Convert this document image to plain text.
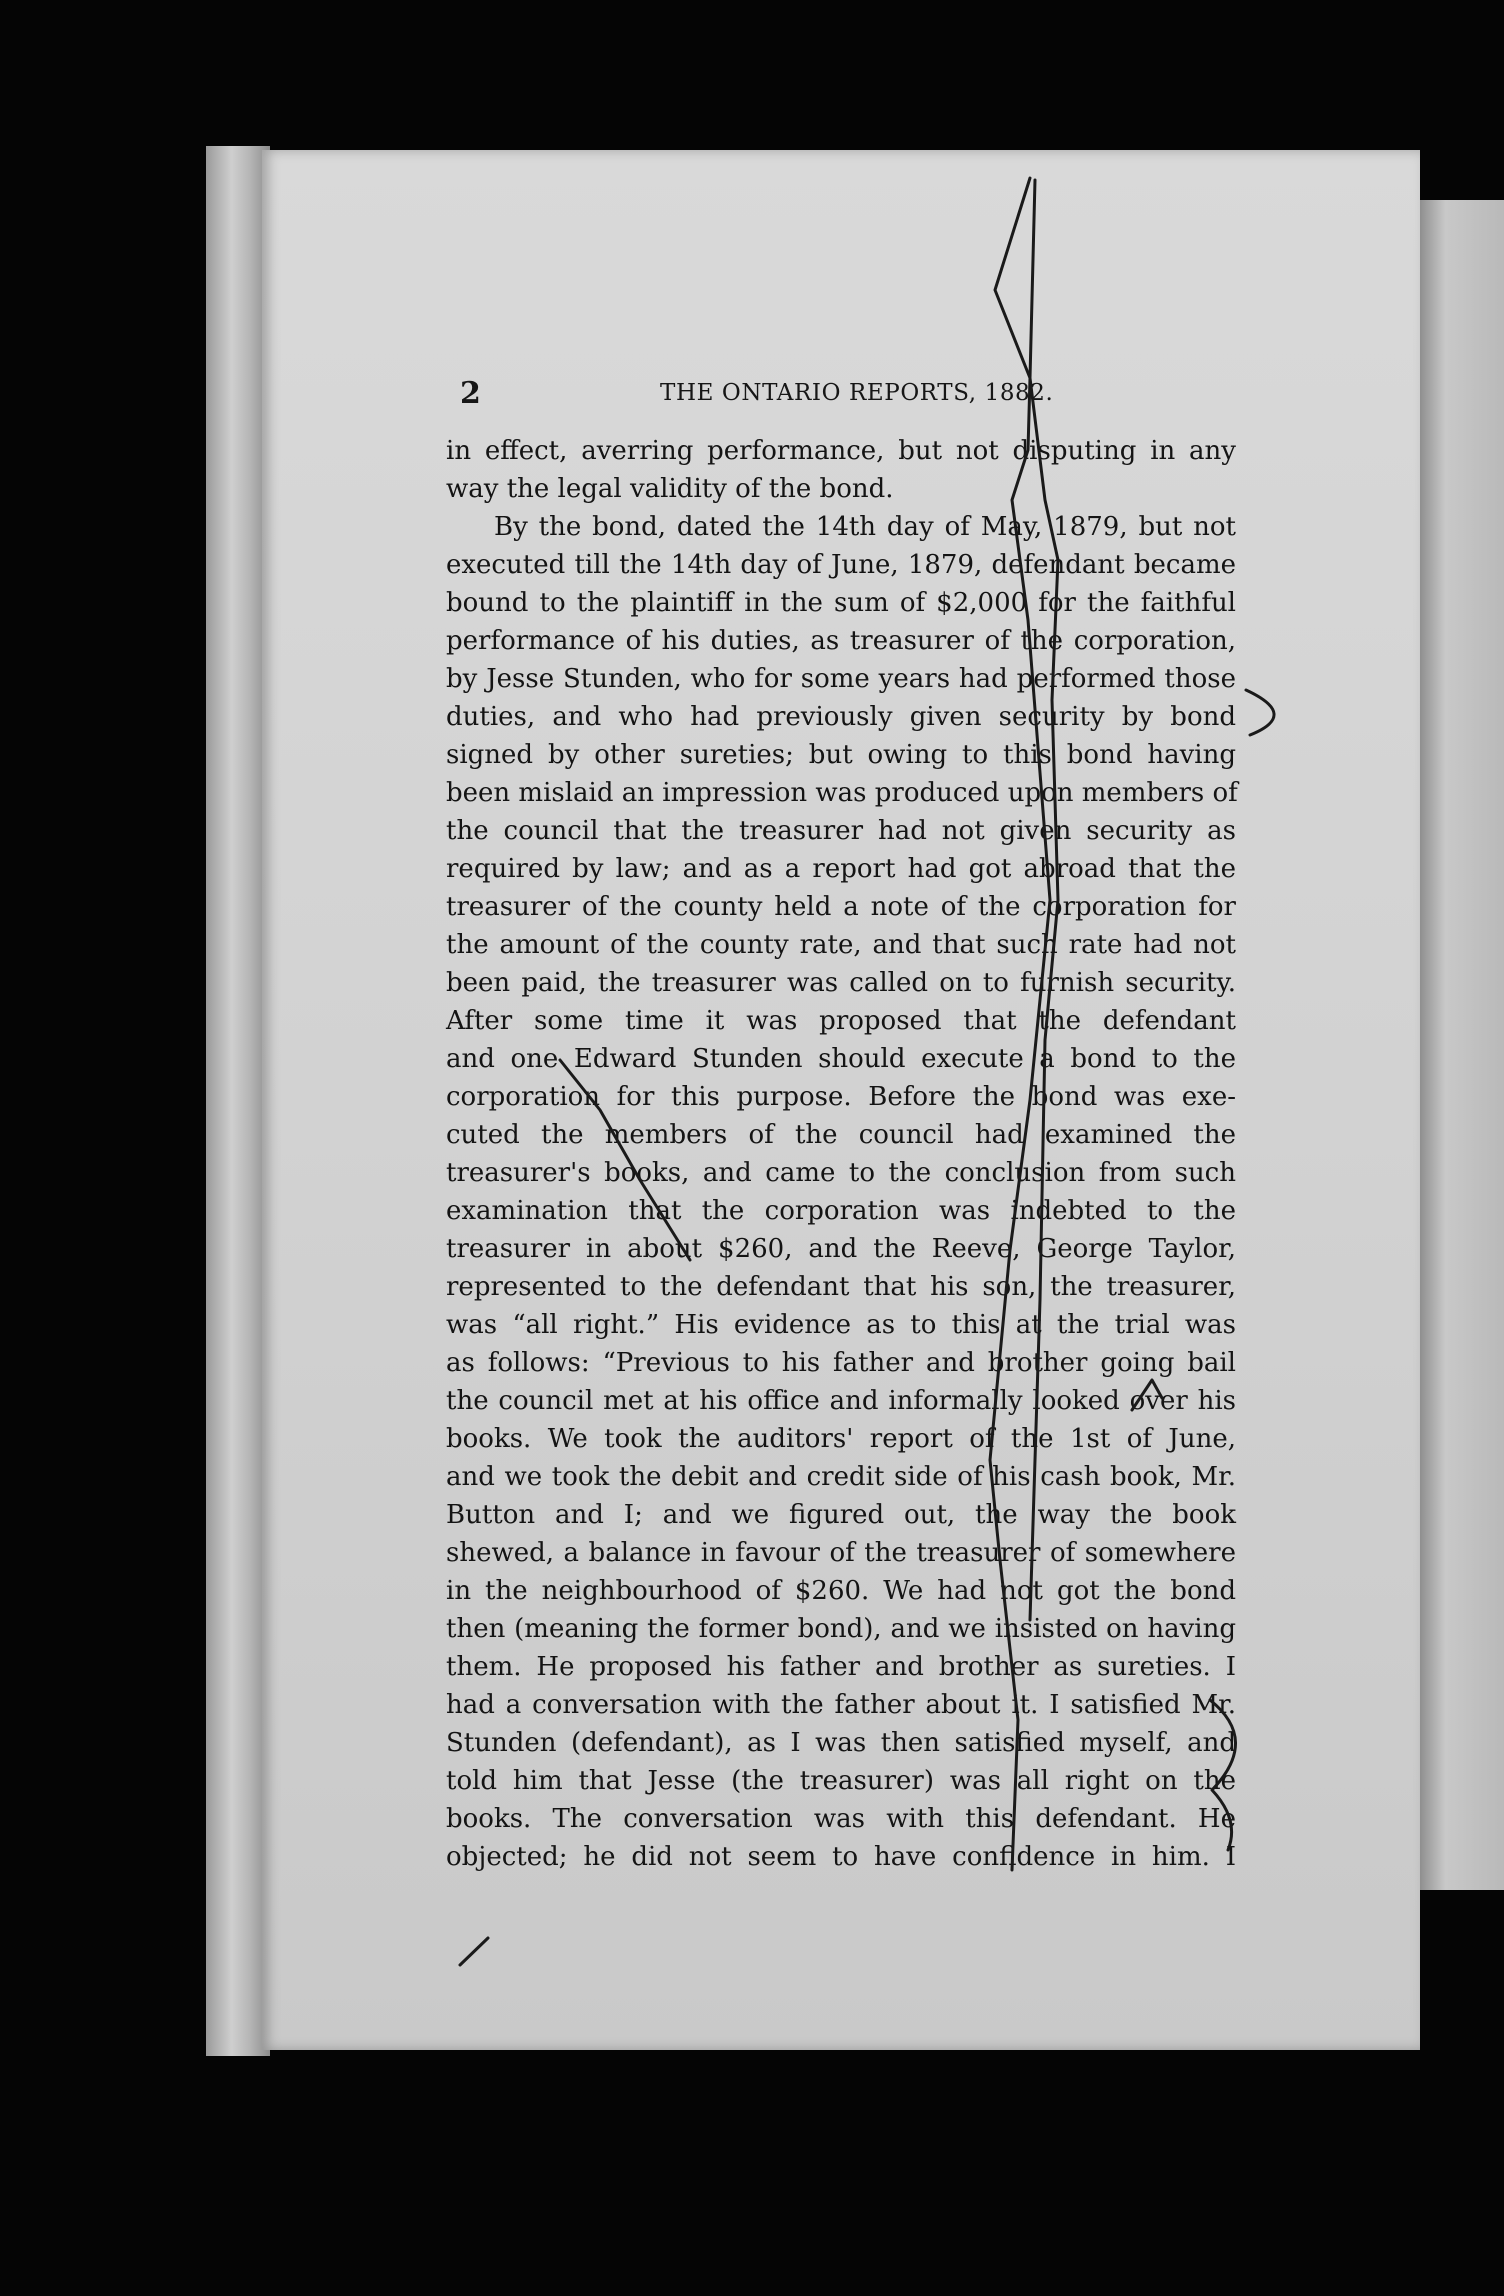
2	THE ONTARIO REPORTS, 1882.
in effect, averring performance, but not disputing in any
way the legal validity of the bond.
By the bond, dated the 14th day of May, 1879, but not
executed till the 14th day of June, 1879, defendant became
bound to the plaintiff in the sum of $2,000 for the faithful
performance of his duties, as treasurer of the corporation,
by Jesse Stunden, who for some years had performed those
duties, and who had previously given security by bond
signed by other sureties; but owing to this bond having
been mislaid an impression was produced upon members of
the council that the treasurer had not given security as
required by law; and as a report had got abroad that the
treasurer of the county held a note of the corporation for
the amount of the county rate, and that such rate had not
been paid, the treasurer was called on to furnish security.
After some time it was proposed that the defendant
and one Edward Stunden should execute a bond to the
corporation for this purpose. Before the bond was exe-
cuted the members of the council had examined the
treasurer's books, and came to the conclusion from such
examination that the corporation was indebted to the
treasurer in about $260, and the Reeve, George Taylor,
represented to the defendant that his son, the treasurer,
was “all right.” His evidence as to this at the trial was
as follows: “Previous to his father and brother going bail
the council met at his office and informally looked over his
books. We took the auditors' report of the 1st of June,
and we took the debit and credit side of his cash book, Mr.
Button and I; and we figured out, the way the book
shewed, a balance in favour of the treasurer of somewhere
in the neighbourhood of $260. We had not got the bond
then (meaning the former bond), and we insisted on having
them. He proposed his father and brother as sureties. I
had a conversation with the father about it. I satisfied Mr.
Stunden (defendant), as I was then satisfied myself, and
told him that Jesse (the treasurer) was all right on the
books. The conversation was with this defendant. He
objected; he did not seem to have confidence in him. I
